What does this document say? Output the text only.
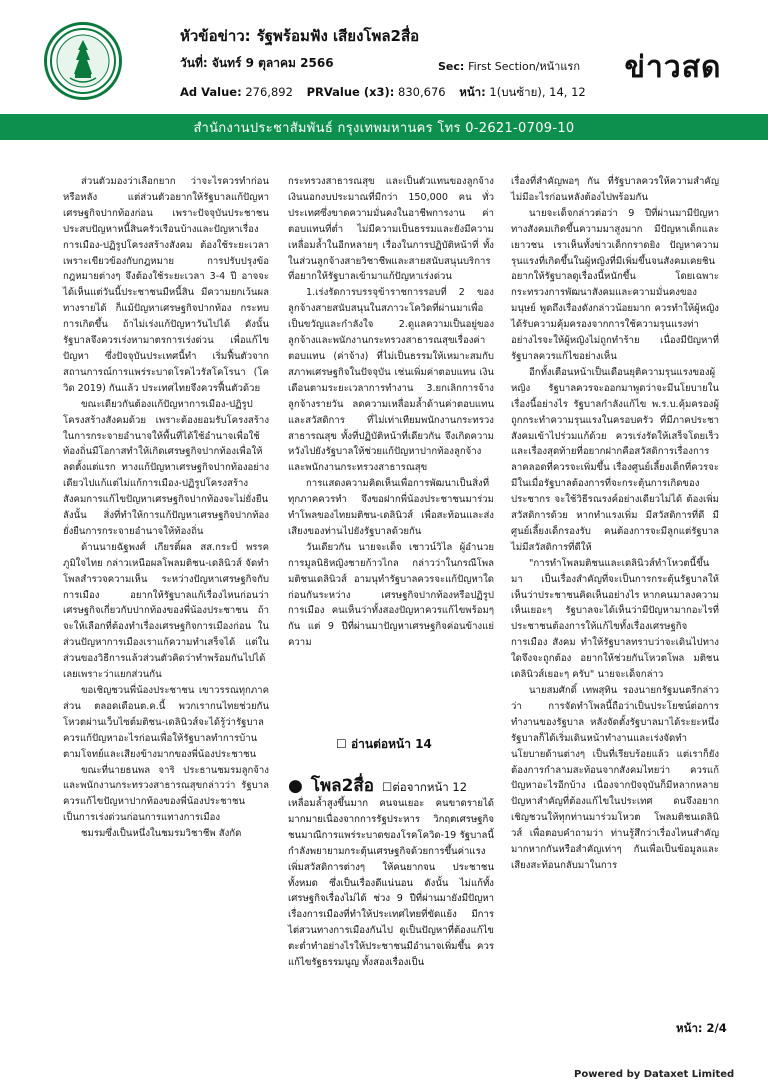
หัวข้อข่าว: รัฐพร้อมฟัง เสียงโพล2สื่อ
วันที่: จันทร์ 9 ตุลาคม 2566	Sec: First Section/หน้าแรก
Ad Value: 276,892 PRValue (x3): 830,676 หน้า: 1(บนซ้าย), 14, 12
ข่าวสด
สำนักงานประชาสัมพันธ์ กรุงเทพมหานคร โทร 0-2621-0709-10

ส่วนตัวมองว่าเลือกยาก ว่าจะไรควรทำก่อนหรือหลัง แต่ส่วนตัวอยากให้รัฐบาลแก้ปัญหาเศรษฐกิจปากท้องก่อน เพราะปัจจุบันประชาชนประสบปัญหาหนี้สินครัวเรือนบ้างและปัญหาเรื่องการเมือง-ปฏิรูปโครงสร้างสังคม ต้องใช้ระยะเวลา เพราะเขียวข้องกับกฎหมาย การปรับปรุงข้อกฎหมายต่างๆ จึงต้องใช้ระยะเวลา 3-4 ปี อาจจะได้เห็นแต่วันนี้ประชาชนมีหนี้สิน มีความยกเว้นผลทางรายได้ ก็แม้ปัญหาเศรษฐกิจปากท้อง กระทบการเกิดขึ้น ถ้าไม่เร่งแก้ปัญหาวันไปได้ ดังนั้น รัฐบาลจึงควรเร่งหามาตรการเร่งด่วน เพื่อแก้ไขปัญหา ซึ่งปัจจุบันประเทศนี้ทำ เริ่มฟื้นตัวจากสถานการณ์การแพร่ระบาดโรคไวรัสโคโรนา (โควิด 2019) กันแล้ว ประเทศไทยจึงควรฟื้นตัวด้วย

ขณะเดียวกันต้องแก้ปัญหาการเมือง-ปฏิรูปโครงสร้างสังคมด้วย เพราะต้องยอมรับโครงสร้างในการกระจายอำนาจให้พื้นที่ได้ใช้อำนาจเพื่อใช้ท้องถิ่นมีโอกาสทำให้เกิดเศรษฐกิจปากท้องเพื่อให้ลดตั้งแต่แรก ทางแก้ปัญหาเศรษฐกิจปากท้องอย่างเดียวไปแก้แต่ไม่แก้การเมือง-ปฏิรูปโครงสร้างสังคมการแก้ไขปัญหาเศรษฐกิจปากท้องจะไม่ยั่งยืนลังนั้น สิ่งที่ทำให้การแก้ปัญหาเศรษฐกิจปากท้องยั่งยืนการกระจายอำนาจให้ท้องถิ่น

ด้านนายฉัฐพงศ์ เกียรติ์ผล สส.กระบี่ พรรคภูมิใจไทย กล่าวเหนือผลโพลมติชน-เดลินิวส์ จัดทำโพลสำรวจความเห็น ระหว่างปัญหาเศรษฐกิจกับการเมือง อยากให้รัฐบาลแก้เรื่องไหนก่อนว่า เศรษฐกิจเกี่ยวกับปากท้องของพี่น้องประชาชน ถ้าจะให้เลือกที่ต้องทำเรื่องเศรษฐกิจการเมืองก่อน ในส่วนปัญหาการเมืองเราแก้ความทำเสร็จได้ แต่ในส่วนของวิธีการแล้วส่วนตัวคิดว่าทำพร้อมกันไปได้เลยเพราะว่าแยกส่วนกัน

ขอเชิญชวนพี่น้องประชาชน เขาวรรณทุกภาคส่วน ตลอดเดือนต.ค.นี้ พวกเรากนไทยช่วยกันโหวตผ่านเว็บไซต์มติชน-เดลินิวส์จะได้รู้ว่ารัฐบาลควรแก้ปัญหาอะไรก่อนเพื่อให้รัฐบาลทำการบ้านตามโจทย์และเสียงข้างมากของพี่น้องประชาชน

ขณะที่นายธนพล จาริ ประธานชมรมลูกจ้างและพนักงานกระทรวงสาธารณสุขกล่าวว่า รัฐบาลควรแก้ไขปัญหาปากท้องของพี่น้องประชาชนเป็นการเร่งด่วนก่อนการแทางการเมือง

ชมรมซึ่งเป็นหนึ่งในชมรมวิชาชีพ สังกัด

กระทรวงสาธารณสุข และเป็นตัวแทนของลูกจ้างเงินนอกงบประมาณที่มีกว่า 150,000 คน ทั่วประเทศซึ่งขาดความมั่นคงในอาชีพการงาน ค่าตอบแทนที่ต่ำ ไม่มีความเป็นธรรมและยังมีความเหลื่อมล้ำในอีกหลายๆ เรื่องในการปฏิบัติหน้าที่ ทั้งในส่วนลูกจ้างสายวิชาชีพและสายสนับสนุนบริการที่อยากให้รัฐบาลเข้ามาแก้ปัญหาเร่งด่วน

1.เร่งรัดการบรรจุข้าราชการรอบที่ 2 ของลูกจ้างสายสนับสนุนในสภาวะโควิดที่ผ่านมาเพื่อเป็นขวัญและกำลังใจ 2.ดูแลความเป็นอยู่ของลูกจ้างและพนักงานกระทรวงสาธารณสุขเรื่องค่าตอบแทน (ค่าจ้าง) ที่ไม่เป็นธรรมให้เหมาะสมกับสภาพเศรษฐกิจในปัจจุบัน เช่นเพิ่มค่าตอบแทน เงินเดือนตามระยะเวลาการทำงาน 3.ยกเลิกการจ้างลูกจ้างรายวัน ลดความเหลื่อมล้ำด้านค่าตอบแทนและสวัสดิการ ที่ไม่เท่าเทียมพนักงานกระทรวงสาธารณสุข ทั้งที่ปฏิบัติหน้าที่เดียวกัน จึงเกิดความหวังไปยังรัฐบาลให้ช่วยแก้ปัญหาปากท้องลูกจ้างและพนักงานกระทรวงสาธารณสุข

การแสดงความคิดเห็นเพื่อการพัฒนาเป็นสิ่งที่ทุกภาคควรทำ จึงขอฝากพี่น้องประชาชนมาร่วมทำโพลของไทยมติชน-เดลินิวส์ เพื่อสะท้อนและส่งเสียงของท่านไปยังรัฐบาลด้วยกัน

วันเดียวกัน นายจะเด็จ เชาวน์วิไล ผู้อำนวยการมูลนิธิหญิงชายก้าวไกล กล่าวว่าในกรณีโพล มติชนเดลินิวส์ อามนุทำรัฐบาลควรจะแก้ปัญหาใดก่อนกันระหว่าง เศรษฐกิจปากท้องหรือปฏิรูปการเมือง คนเห็นว่าทั้งสองปัญหาควรแก้ไขพร้อมๆ กัน แต่ 9 ปีที่ผ่านมาปัญหาเศรษฐกิจค่อนข้างแย่ ความ

☐ อ่านต่อหน้า 14
● โพล2สื่อ ☐ต่อจากหน้า 12

เหลื่อมล้ำสูงขึ้นมาก คนจนเยอะ คนขาดรายได้มากมายเนื่องจากการรัฐประหาร วิกฤตเศรษฐกิจ ชนมาณีการแพร่ระบาดของโรคโควิด-19 รัฐบาลนี้กำลังพยายามกระตุ้นเศรษฐกิจด้วยการขึ้นค่าแรง เพิ่มสวัสดิการต่างๆ ให้คนยากจน ประชาชนทั้งหมด ซึ่งเป็นเรื่องดีแน่นอน ดังนั้น ไม่แก้ทั้งเศรษฐกิจเรื่องไม่ได้ ช่วง 9 ปีที่ผ่านมายังมีปัญหาเรื่องการเมืองที่ทำให้ประเทศไทยที่ขัดแย้ง มีการไต่สวนทางการเมืองกันไป ดูเป็นปัญหาที่ต้องแก้ไข ตะต่ำทำอย่างไรให้ประชาชนมีอำนาจเพิ่มขึ้น ควรแก้ไขรัฐธรรมนูญ ทั้งสองเรื่องเป็น

เรื่องที่สำคัญพอๆ กัน ที่รัฐบาลควรให้ความสำคัญไม่มีอะไรก่อนหลังต้องไปพร้อมกัน

นายจะเด็จกล่าวต่อว่า 9 ปีที่ผ่านมามีปัญหาทางสังคมเกิดขึ้นความมาสูงมาก มีปัญหาเด็กและเยาวชน เราเห็นทั้งข่าวเด็กกราดยิง ปัญหาความรุนแรงที่เกิดขึ้นในผู้หญิงที่มีเพิ่มขึ้นจนสังคมเคยชิน อยากให้รัฐบาลดูเรื่องนี้หนักขึ้น โดยเฉพาะกระทรวงการพัฒนาสังคมและความมั่นคงของมนุษย์ พูดถึงเรื่องดังกล่าวน้อยมาก ควรทำให้ผู้หญิงได้รับความคุ้มครองจากการใช้ความรุนแรงท่าอย่างไรจะให้ผู้หญิงไม่ถูกทำร้าย เนื่องมีปัญหาที่รัฐบาลควรแก้ไขอย่างเห็น

อีกทั้งเตือนหน้าเป็นเดือนยุติความรุนแรงของผู้หญิง รัฐบาลควรจะออกมาพูดว่าจะมีนโยบายในเรื่องนี้อย่างไร รัฐบาลกำลังแก้ไข พ.ร.บ.คุ้มครองผู้ถูกกระทำความรุนแรงในครอบครัว ที่มีภาคประชาสังคมเข้าไปร่วมแก้ด้วย ควรเร่งรัดให้เสร็จโดยเร็ว และเรื่องสุดท้ายที่อยากฝากคือสวัสดิการเรื่องการลาคลอดที่ควรจะเพิ่มขึ้น เรื่องศูนย์เลี้ยงเด็กที่ควรจะมีในเมื่อรัฐบาลต้องการที่จะกระตุ้นการเกิดของประชากร จะใช้วิธีรณรงค์อย่างเดียวไม่ได้ ต้องเพิ่มสวัสดิการด้วย หากทำแรงเพิ่ม มีสวัสดิการที่ดี มีศูนย์เลี้ยงเด็กรองรับ คนต้องการจะมีลูกแต่รัฐบาลไม่มีสวัสดิการที่ดีให้

"การทำโพลมติชนและเดลินิวส์ทำโหวตนี้ขึ้นมา เป็นเรื่องสำคัญที่จะเป็นการกระตุ้นรัฐบาลให้เห็นว่าประชาชนคิดเห็นอย่างไร หากคนมาลงความเห็นเยอะๆ รัฐบาลจะได้เห็นว่ามีปัญหามากอะไรที่ประชาชนต้องการให้แก้ไขทั้งเรื่องเศรษฐกิจ การเมือง สังคม ทำให้รัฐบาลทราบว่าจะเดินไปทางใดจึงจะถูกต้อง อยากให้ช่วยกันโหวตโพล มติชนเดลินิวส์เยอะๆ ครับ" นายจะเด็จกล่าว

นายสมศักดิ์ เทพสุทิน รองนายกรัฐมนตรีกล่าวว่า การจัดทำโพลนี้ถือว่าเป็นประโยชน์ต่อการทำงานของรัฐบาล หลังจัดตั้งรัฐบาลมาได้ระยะหนึ่ง รัฐบาลก็ได้เริ่มเดินหน้าทำงานและเร่งจัดทำนโยบายด้านต่างๆ เป็นที่เรียบร้อยแล้ว แต่เราก็ยังต้องการกำลามสะท้อนจากสังคมไทยว่า ควรแก้ปัญหาอะไรอีกบ้าง เนื่องจากปัจจุบันก็มีหลากหลายปัญหาสำคัญที่ต้องแก้ไขในประเทศ ดนจึงอยากเชิญชวนให้ทุกท่านมาร่วมโหวต โพลมติชนเดลินิวส์ เพื่อตอบคำถามว่า ท่านรู้สึกว่าเรื่องไหนสำคัญมากหากกันหรือสำคัญเท่าๆ กันเพื่อเป็นข้อมูลและเสียงสะท้อนกลับมาในการ

หน้า: 2/4
Powered by Dataxet Limited
